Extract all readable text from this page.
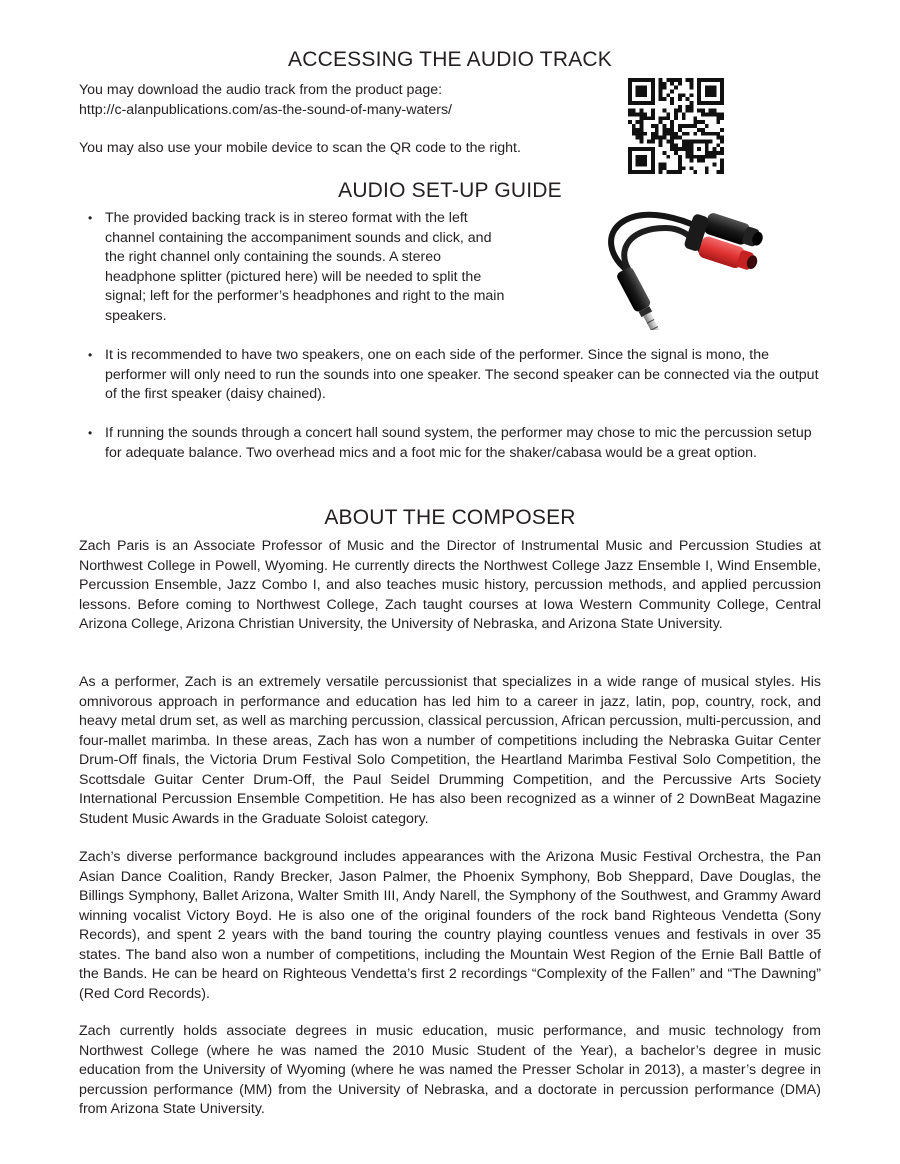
ACCESSING THE AUDIO TRACK
You may download the audio track from the product page:
http://c-alanpublications.com/as-the-sound-of-many-waters/
You may also use your mobile device to scan the QR code to the right.
AUDIO SET-UP GUIDE
• The provided backing track is in stereo format with the left channel containing the accompaniment sounds and click, and the right channel only containing the sounds. A stereo headphone splitter (pictured here) will be needed to split the signal; left for the performer’s headphones and right to the main speakers.
• It is recommended to have two speakers, one on each side of the performer. Since the signal is mono, the performer will only need to run the sounds into one speaker. The second speaker can be connected via the output of the first speaker (daisy chained).
• If running the sounds through a concert hall sound system, the performer may chose to mic the percussion setup for adequate balance. Two overhead mics and a foot mic for the shaker/cabasa would be a great option.
ABOUT THE COMPOSER

Zach Paris is an Associate Professor of Music and the Director of Instrumental Music and Percussion Studies at Northwest College in Powell, Wyoming. He currently directs the Northwest College Jazz Ensemble I, Wind Ensemble, Percussion Ensemble, Jazz Combo I, and also teaches music history, percussion methods, and applied percussion lessons. Before coming to Northwest College, Zach taught courses at Iowa Western Community College, Central Arizona College, Arizona Christian University, the University of Nebraska, and Arizona State University.

As a performer, Zach is an extremely versatile percussionist that specializes in a wide range of musical styles. His omnivorous approach in performance and education has led him to a career in jazz, latin, pop, country, rock, and heavy metal drum set, as well as marching percussion, classical percussion, African percussion, multi-percussion, and four-mallet marimba. In these areas, Zach has won a number of competitions including the Nebraska Guitar Center Drum-Off finals, the Victoria Drum Festival Solo Competition, the Heartland Marimba Festival Solo Competition, the Scottsdale Guitar Center Drum-Off, the Paul Seidel Drumming Competition, and the Percussive Arts Society International Percussion Ensemble Competition. He has also been recognized as a winner of 2 DownBeat Magazine Student Music Awards in the Graduate Soloist category.

Zach’s diverse performance background includes appearances with the Arizona Music Festival Orchestra, the Pan Asian Dance Coalition, Randy Brecker, Jason Palmer, the Phoenix Symphony, Bob Sheppard, Dave Douglas, the Billings Symphony, Ballet Arizona, Walter Smith III, Andy Narell, the Symphony of the Southwest, and Grammy Award winning vocalist Victory Boyd. He is also one of the original founders of the rock band Righteous Vendetta (Sony Records), and spent 2 years with the band touring the country playing countless venues and festivals in over 35 states. The band also won a number of competitions, including the Mountain West Region of the Ernie Ball Battle of the Bands. He can be heard on Righteous Vendetta’s first 2 recordings “Complexity of the Fallen” and “The Dawning” (Red Cord Records).

Zach currently holds associate degrees in music education, music performance, and music technology from Northwest College (where he was named the 2010 Music Student of the Year), a bachelor’s degree in music education from the University of Wyoming (where he was named the Presser Scholar in 2013), a master’s degree in percussion performance (MM) from the University of Nebraska, and a doctorate in percussion performance (DMA) from Arizona State University.
